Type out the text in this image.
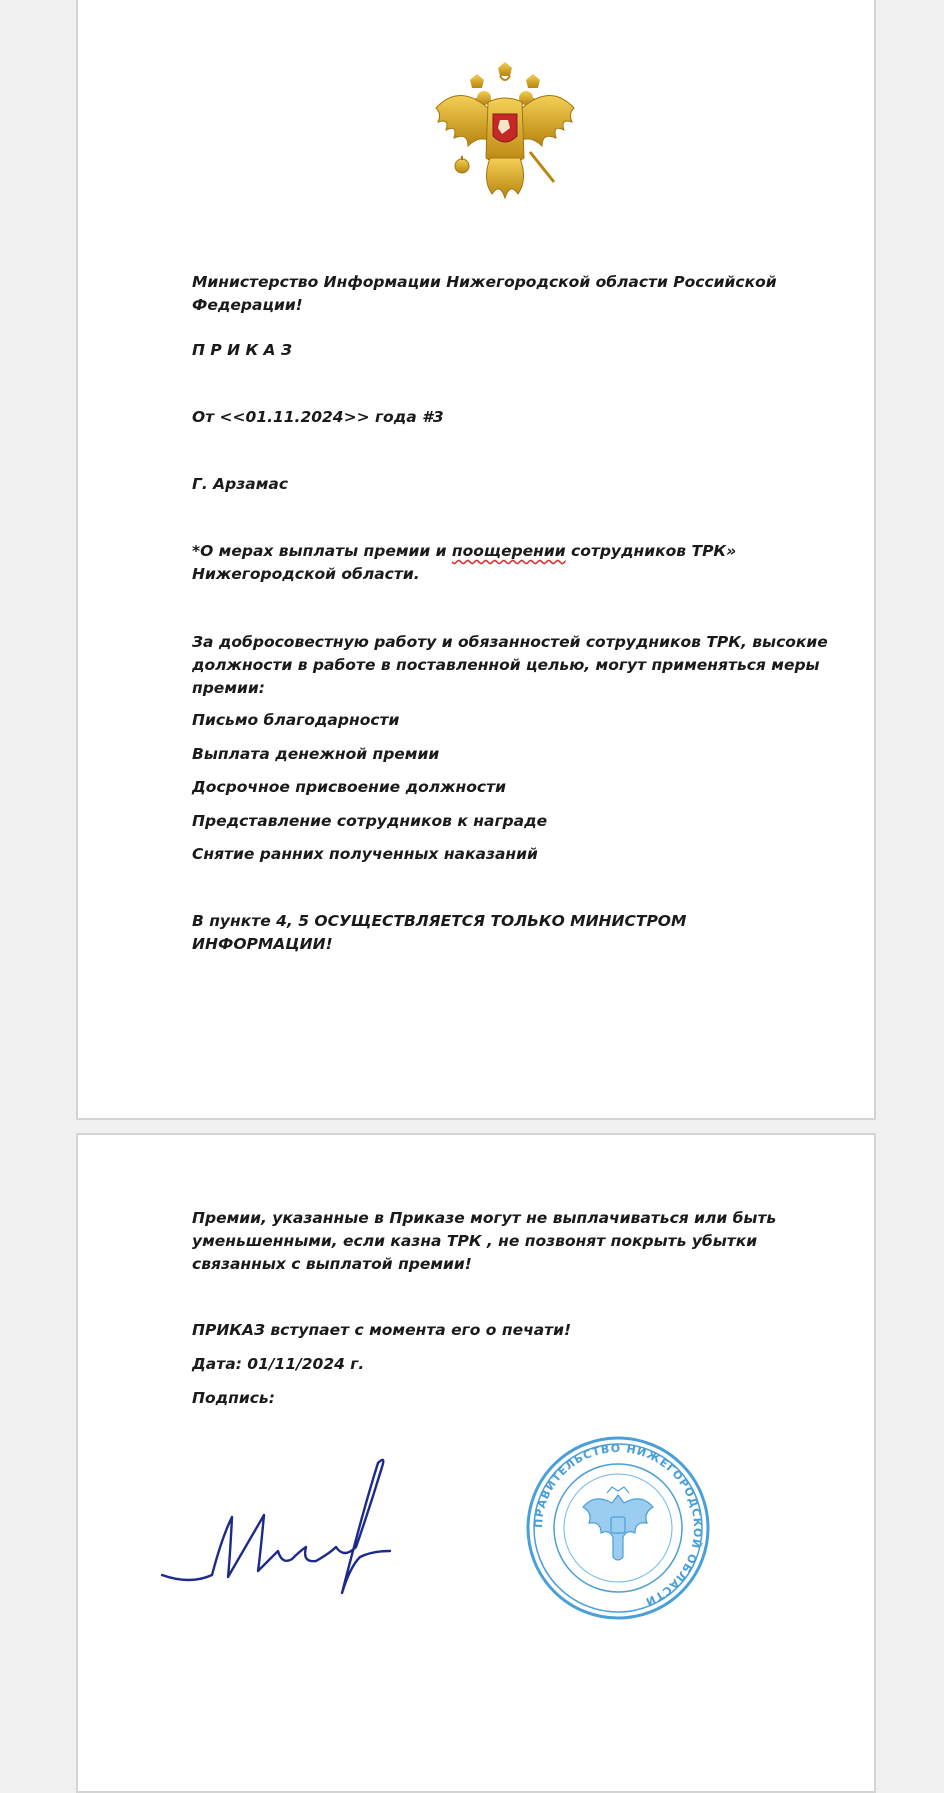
Министерство Информации Нижегородской области Российской Федерации!

П Р И К А З

От <<01.11.2024>> года #3

Г. Арзамас

*О мерах выплаты премии и поощерении сотрудников ТРК» Нижегородской области.

За добросовестную работу и обязанностей сотрудников ТРК, высокие должности в работе в поставленной целью, могут применяться меры премии:

Письмо благодарности

Выплата денежной премии

Досрочное присвоение должности

Представление сотрудников к награде

Снятие ранних полученных наказаний

В пункте 4, 5 ОСУЩЕСТВЛЯЕТСЯ ТОЛЬКО МИНИСТРОМ ИНФОРМАЦИИ!

Премии, указанные в Приказе могут не выплачиваться или быть уменьшенными, если казна ТРК , не позвонят покрыть убытки связанных с выплатой премии!

ПРИКАЗ вступает с момента его о печати!

Дата: 01/11/2024 г.

Подпись:

ПРАВИТЕЛЬСТВО НИЖЕГОРОДСКОЙ ОБЛАСТИ
